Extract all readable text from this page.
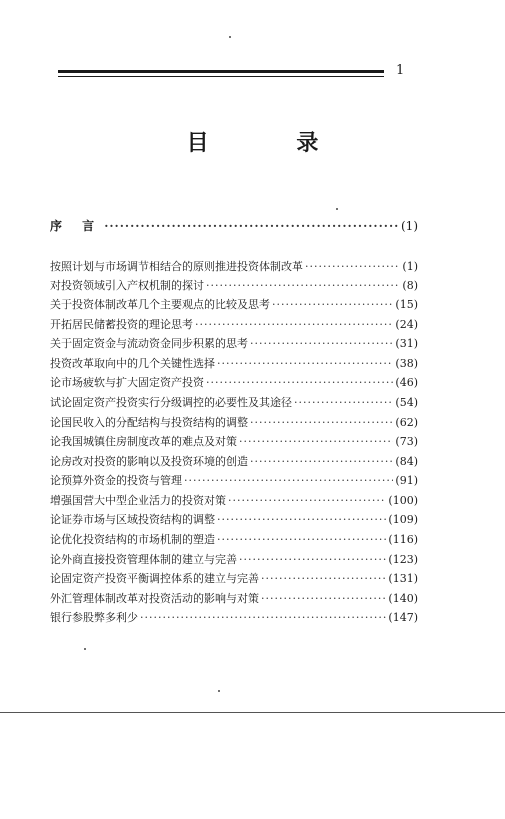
1
目 录
序 言 ·····	(1)
按照计划与市场调节相结合的原则推进投资体制改革 ·····	(1)
对投资领域引入产权机制的探讨 ·····	(8)
关于投资体制改革几个主要观点的比较及思考 ·····	(15)
开拓居民储蓄投资的理论思考 ·····	(24)
关于固定资金与流动资金同步积累的思考 ·····	(31)
投资改革取向中的几个关键性选择 ·····	(38)
论市场疲软与扩大固定资产投资 ·····	(46)
试论固定资产投资实行分级调控的必要性及其途径 ·····	(54)
论国民收入的分配结构与投资结构的调整 ·····	(62)
论我国城镇住房制度改革的难点及对策 ·····	(73)
论房改对投资的影响以及投资环境的创造 ·····	(84)
论预算外资金的投资与管理 ·····	(91)
增强国营大中型企业活力的投资对策 ·····	(100)
论证券市场与区域投资结构的调整 ·····	(109)
论优化投资结构的市场机制的塑造 ·····	(116)
论外商直接投资管理体制的建立与完善 ·····	(123)
论固定资产投资平衡调控体系的建立与完善 ·····	(131)
外汇管理体制改革对投资活动的影响与对策 ·····	(140)
银行参股弊多利少 ·····	(147)
